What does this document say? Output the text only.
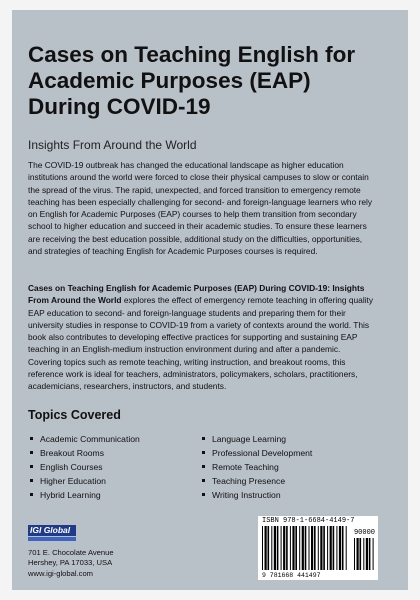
Cases on Teaching English for Academic Purposes (EAP) During COVID-19
Insights From Around the World
The COVID-19 outbreak has changed the educational landscape as higher education institutions around the world were forced to close their physical campuses to slow or contain the spread of the virus. The rapid, unexpected, and forced transition to emergency remote teaching has been especially challenging for second- and foreign-language learners who rely on English for Academic Purposes (EAP) courses to help them transition from secondary school to higher education and succeed in their academic studies. To ensure these learners are receiving the best education possible, additional study on the difficulties, opportunities, and strategies of teaching English for Academic Purposes courses is required.
Cases on Teaching English for Academic Purposes (EAP) During COVID-19: Insights From Around the World explores the effect of emergency remote teaching in offering quality EAP education to second- and foreign-language students and preparing them for their university studies in response to COVID-19 from a variety of contexts around the world. This book also contributes to developing effective practices for supporting and sustaining EAP teaching in an English-medium instruction environment during and after a pandemic. Covering topics such as remote teaching, writing instruction, and breakout rooms, this reference work is ideal for teachers, administrators, policymakers, scholars, practitioners, academicians, researchers, instructors, and students.
Topics Covered
Academic Communication
Breakout Rooms
English Courses
Higher Education
Hybrid Learning
Language Learning
Professional Development
Remote Teaching
Teaching Presence
Writing Instruction
IGI Global
701 E. Chocolate Avenue
Hershey, PA 17033, USA
www.igi-global.com
ISBN 978-1-6684-4149-7
90000
9 781668 441497
